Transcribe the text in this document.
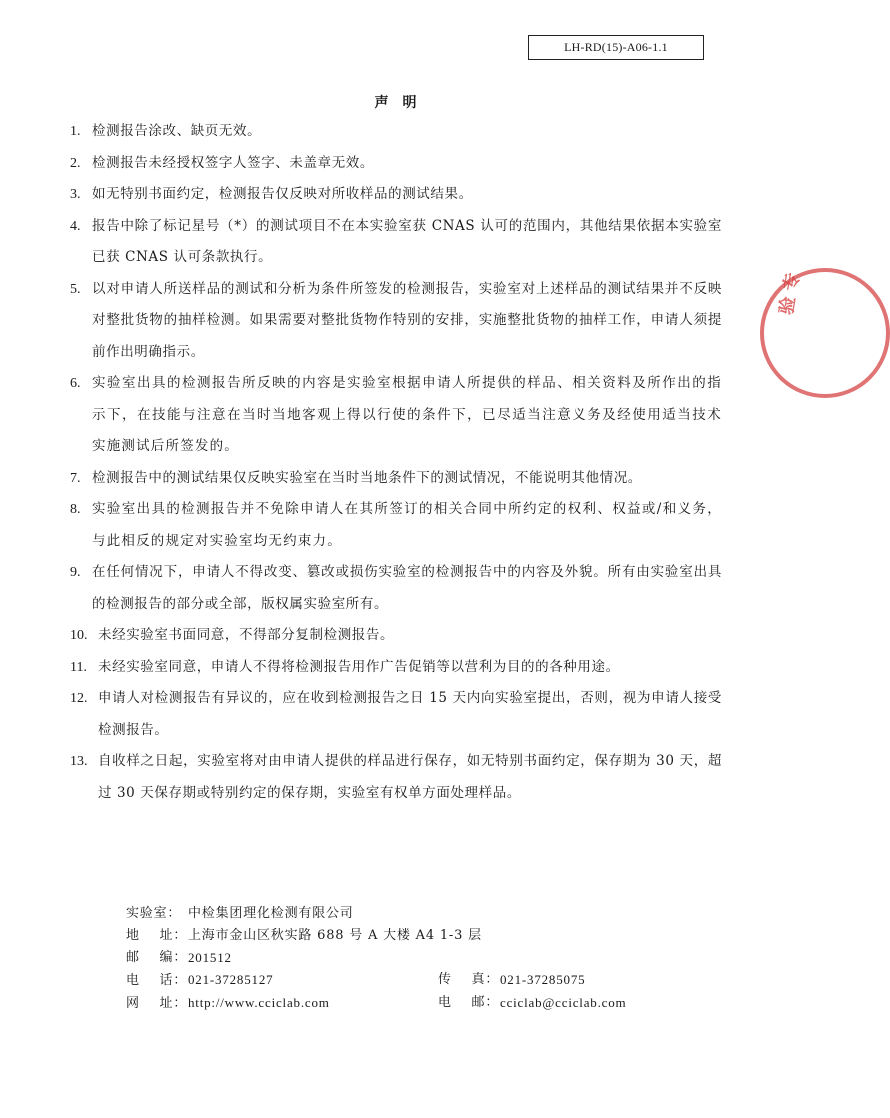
LH-RD(15)-A06-1.1
声明
1. 检测报告涂改、缺页无效。
2. 检测报告未经授权签字人签字、未盖章无效。
3. 如无特别书面约定，检测报告仅反映对所收样品的测试结果。
4. 报告中除了标记星号（*）的测试项目不在本实验室获 CNAS 认可的范围内，其他结果依据本实验室已获 CNAS 认可条款执行。
5. 以对申请人所送样品的测试和分析为条件所签发的检测报告，实验室对上述样品的测试结果并不反映对整批货物的抽样检测。如果需要对整批货物作特别的安排，实施整批货物的抽样工作，申请人须提前作出明确指示。
6. 实验室出具的检测报告所反映的内容是实验室根据申请人所提供的样品、相关资料及所作出的指示下，在技能与注意在当时当地客观上得以行使的条件下，已尽适当注意义务及经使用适当技术实施测试后所签发的。
7. 检测报告中的测试结果仅反映实验室在当时当地条件下的测试情况，不能说明其他情况。
8. 实验室出具的检测报告并不免除申请人在其所签订的相关合同中所约定的权利、权益或/和义务，与此相反的规定对实验室均无约束力。
9. 在任何情况下，申请人不得改变、篡改或损伤实验室的检测报告中的内容及外貌。所有由实验室出具的检测报告的部分或全部，版权属实验室所有。
10. 未经实验室书面同意，不得部分复制检测报告。
11. 未经实验室同意，申请人不得将检测报告用作广告促销等以营利为目的的各种用途。
12. 申请人对检测报告有异议的，应在收到检测报告之日 15 天内向实验室提出，否则，视为申请人接受检测报告。
13. 自收样之日起，实验室将对由申请人提供的样品进行保存，如无特别书面约定，保存期为 30 天，超过 30 天保存期或特别约定的保存期，实验室有权单方面处理样品。
实验室： 中检集团理化检测有限公司
地    址： 上海市金山区秋实路 688 号 A 大楼 A4 1-3 层
邮    编： 201512
电    话：021-37285127	传    真： 021-37285075
网    址：http://www.cciclab.com	电    邮： cciclab@cciclab.com
验 专
